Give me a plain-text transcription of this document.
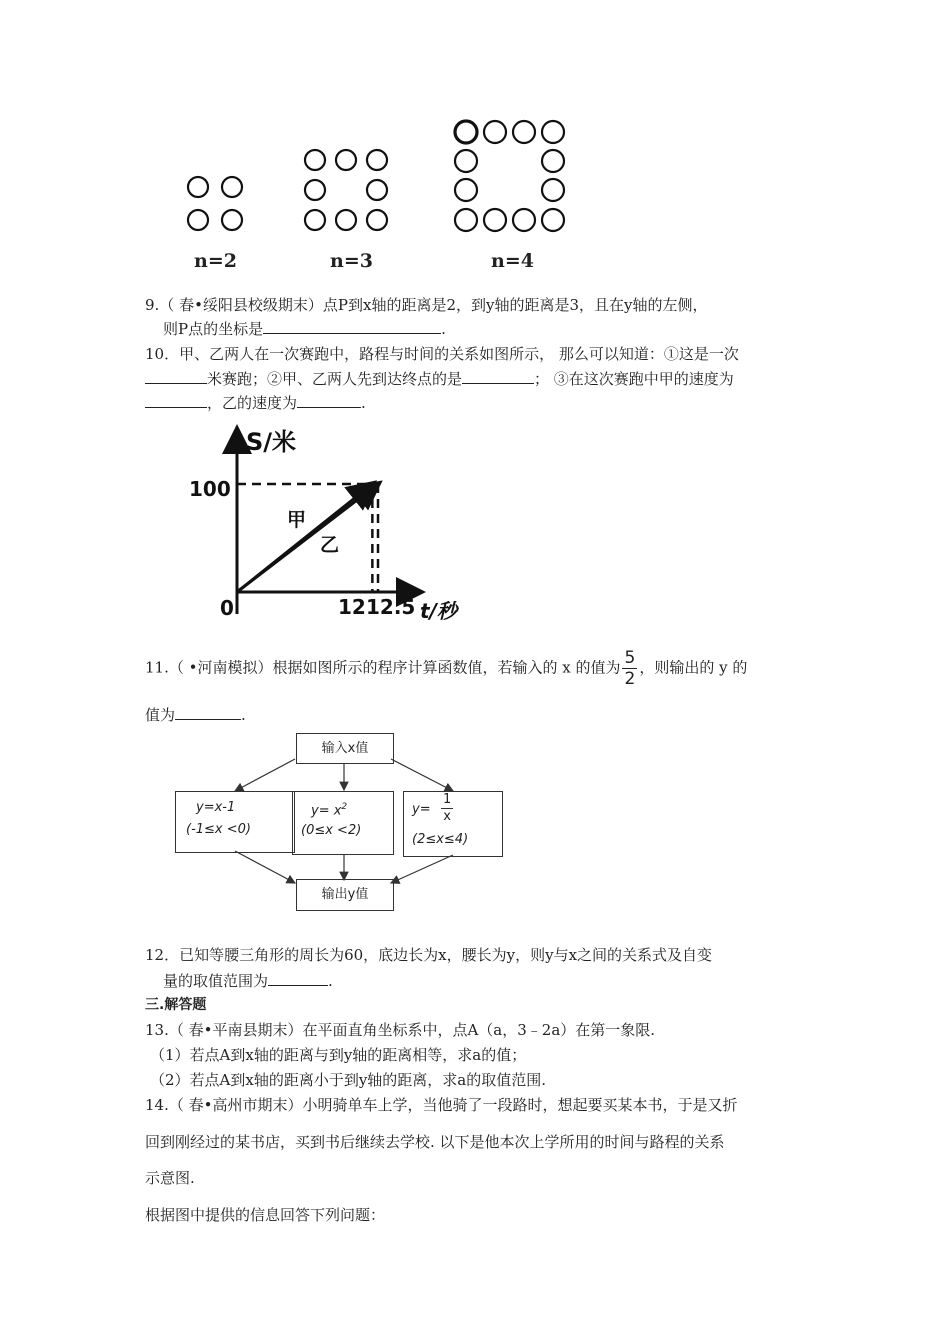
n=2	n=3	n=4
9.（ 春•绥阳县校级期末）点P到x轴的距离是2，到y轴的距离是3，且在y轴的左侧，
则P点的坐标是	.
10．甲、乙两人在一次赛跑中，路程与时间的关系如图所示， 那么可以知道：①这是一次
米赛跑；②甲、乙两人先到达终点的是	； ③在这次赛跑中甲的速度为
，乙的速度为	.
S/米
t/秒
0
100
12 12.5
甲
乙
11.（ •河南模拟）根据如图所示的程序计算函数值，若输入的 x 的值为 $\frac{5}{2}$ ，则输出的 y 的
值为	.
输入x值
y=x-1
(-1≤x <0)
$y= x^2$
(0≤x <2)
$y= \frac{1}{x}$
(2≤x≤4)
输出y值
12．已知等腰三角形的周长为60，底边长为x，腰长为y，则y与x之间的关系式及自变
量的取值范围为	.
三.解答题
13.（ 春•平南县期末）在平面直角坐标系中，点A（a，3﹣2a）在第一象限.
（1）若点A到x轴的距离与到y轴的距离相等，求a的值；
（2）若点A到x轴的距离小于到y轴的距离，求a的取值范围.
14.（ 春•高州市期末）小明骑单车上学，当他骑了一段路时，想起要买某本书，于是又折
回到刚经过的某书店，买到书后继续去学校. 以下是他本次上学所用的时间与路程的关系
示意图.
根据图中提供的信息回答下列问题：
